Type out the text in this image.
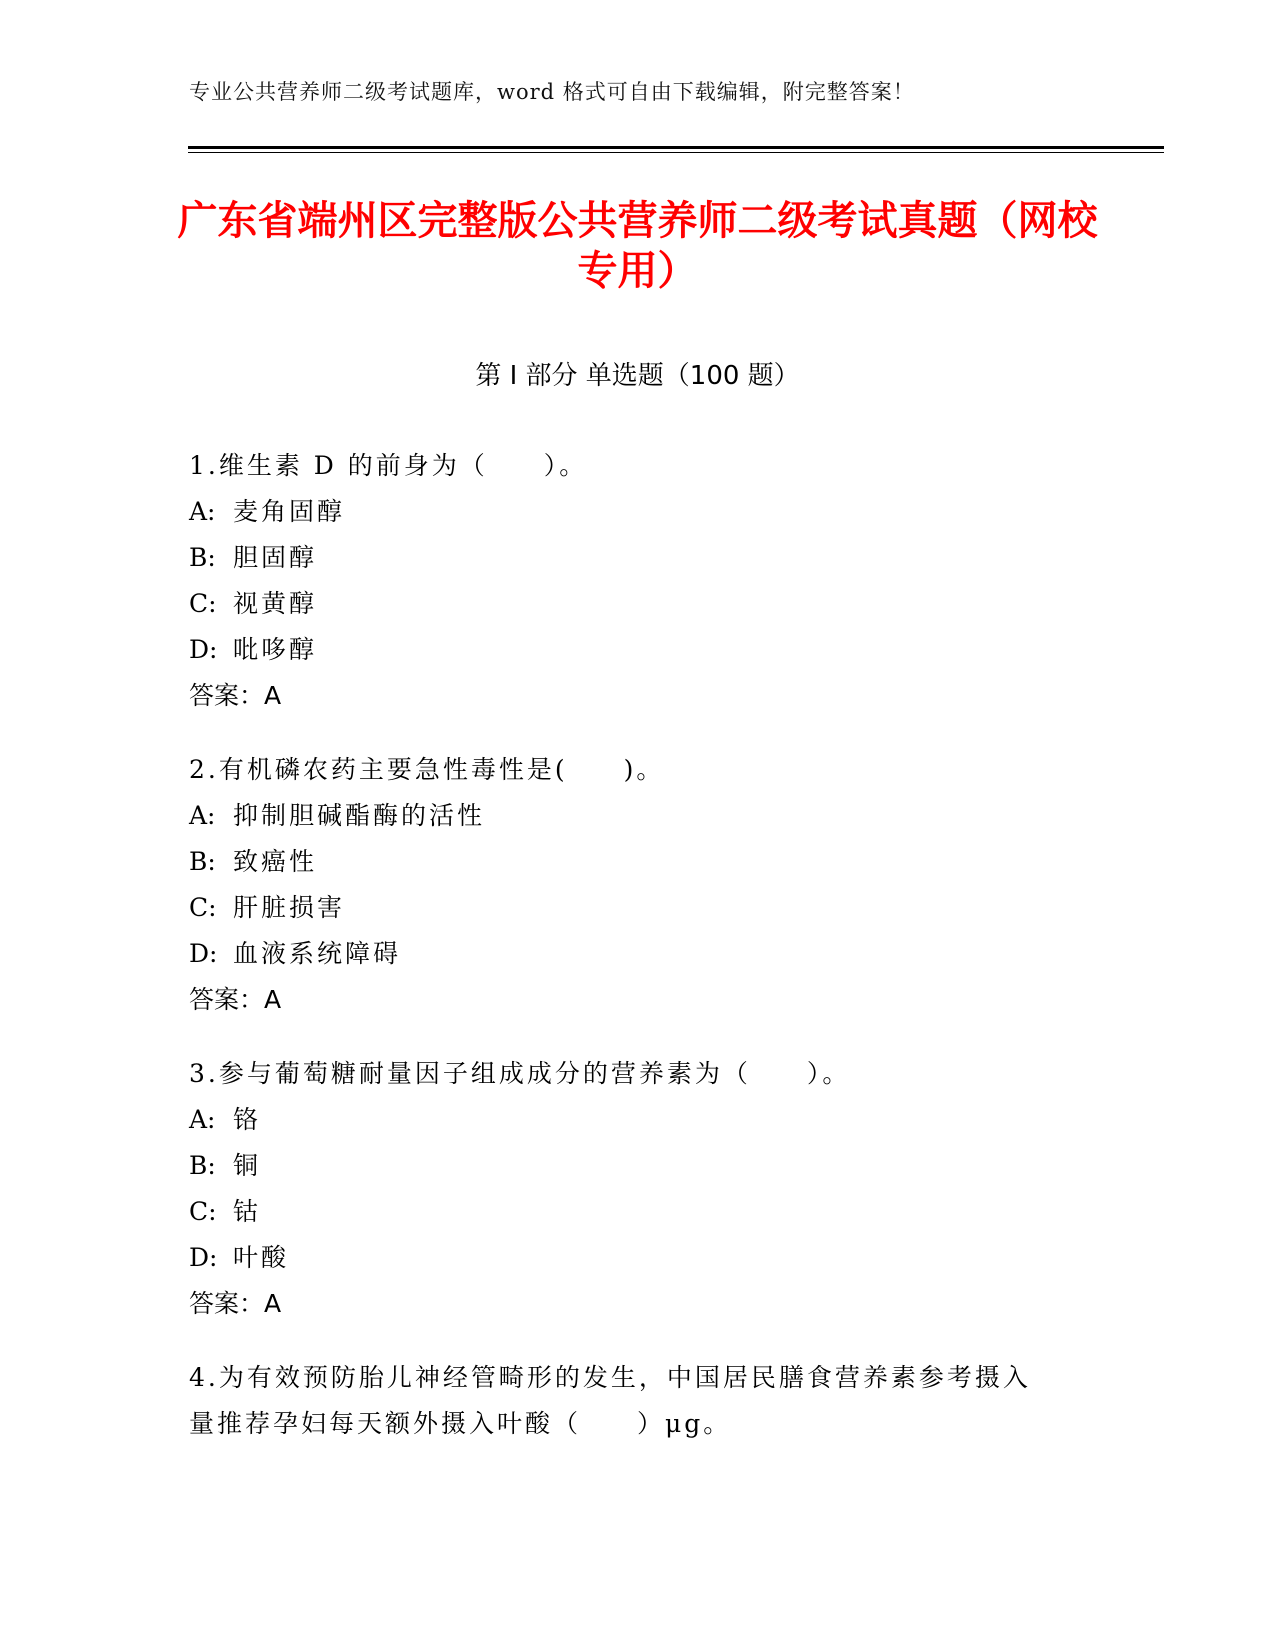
专业公共营养师二级考试题库，word 格式可自由下载编辑，附完整答案！
广东省端州区完整版公共营养师二级考试真题（网校专用）
第 I 部分 单选题（100 题）
1.维生素 D 的前身为（　　）。
A: 麦角固醇
B: 胆固醇
C: 视黄醇
D: 吡哆醇
答案：A
2.有机磷农药主要急性毒性是(　　)。
A: 抑制胆碱酯酶的活性
B: 致癌性
C: 肝脏损害
D: 血液系统障碍
答案：A
3.参与葡萄糖耐量因子组成成分的营养素为（　　）。
A: 铬
B: 铜
C: 钴
D: 叶酸
答案：A
4.为有效预防胎儿神经管畸形的发生，中国居民膳食营养素参考摄入量推荐孕妇每天额外摄入叶酸（　　）μg。
